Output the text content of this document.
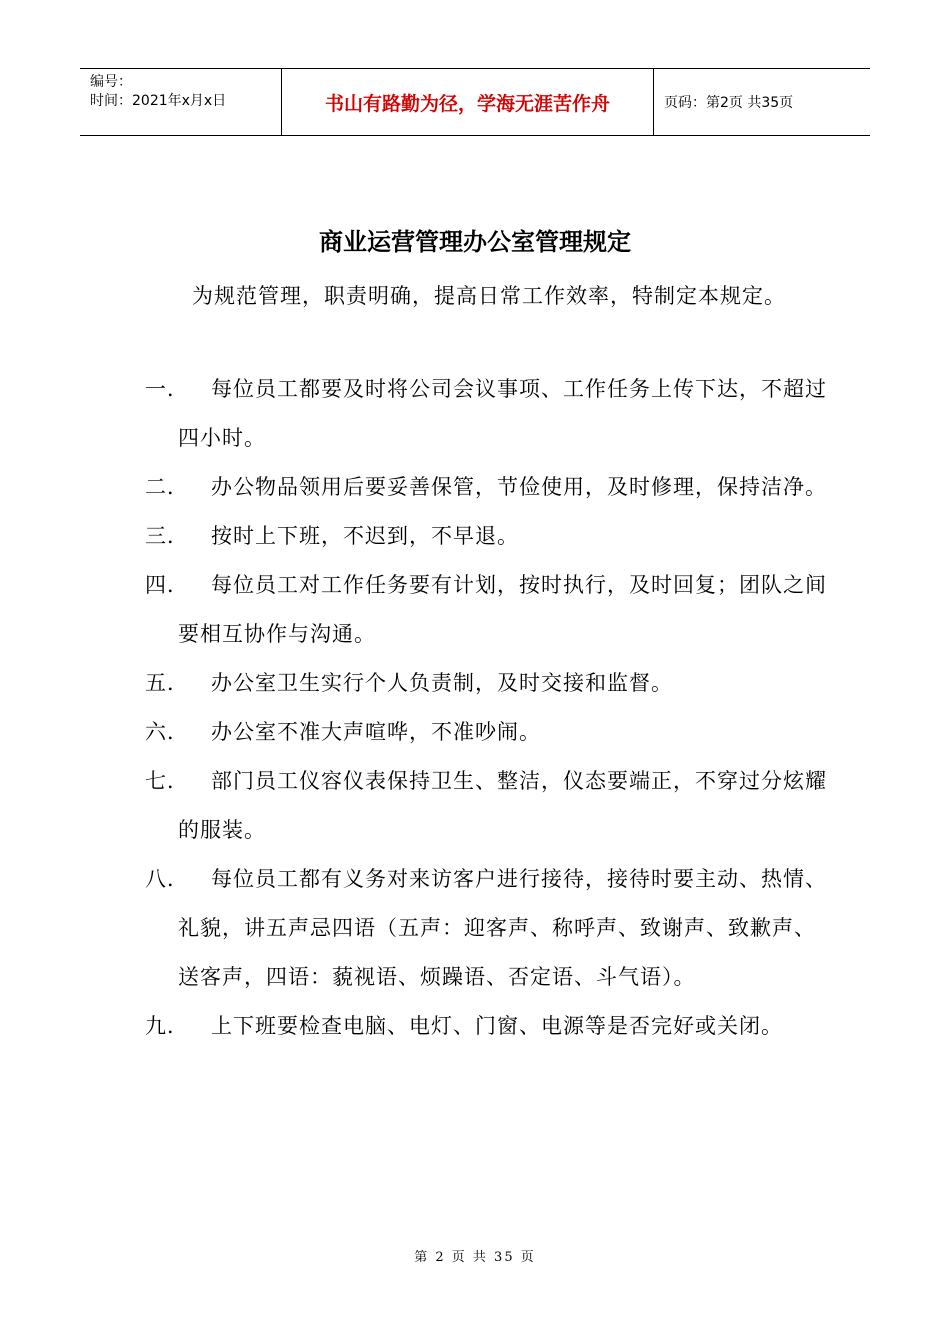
编号：
时间：2021年x月x日	书山有路勤为径，学海无涯苦作舟	页码：第2页 共35页
商业运营管理办公室管理规定
为规范管理，职责明确，提高日常工作效率，特制定本规定。
一．	每位员工都要及时将公司会议事项、工作任务上传下达，不超过四小时。
二．	办公物品领用后要妥善保管，节俭使用，及时修理，保持洁净。
三．	按时上下班，不迟到，不早退。
四．	每位员工对工作任务要有计划，按时执行，及时回复；团队之间要相互协作与沟通。
五．	办公室卫生实行个人负责制，及时交接和监督。
六．	办公室不准大声喧哗，不准吵闹。
七．	部门员工仪容仪表保持卫生、整洁，仪态要端正，不穿过分炫耀的服装。
八．	每位员工都有义务对来访客户进行接待，接待时要主动、热情、礼貌，讲五声忌四语（五声：迎客声、称呼声、致谢声、致歉声、送客声，四语：藐视语、烦躁语、否定语、斗气语）。
九．	上下班要检查电脑、电灯、门窗、电源等是否完好或关闭。
第 2 页 共 35 页
